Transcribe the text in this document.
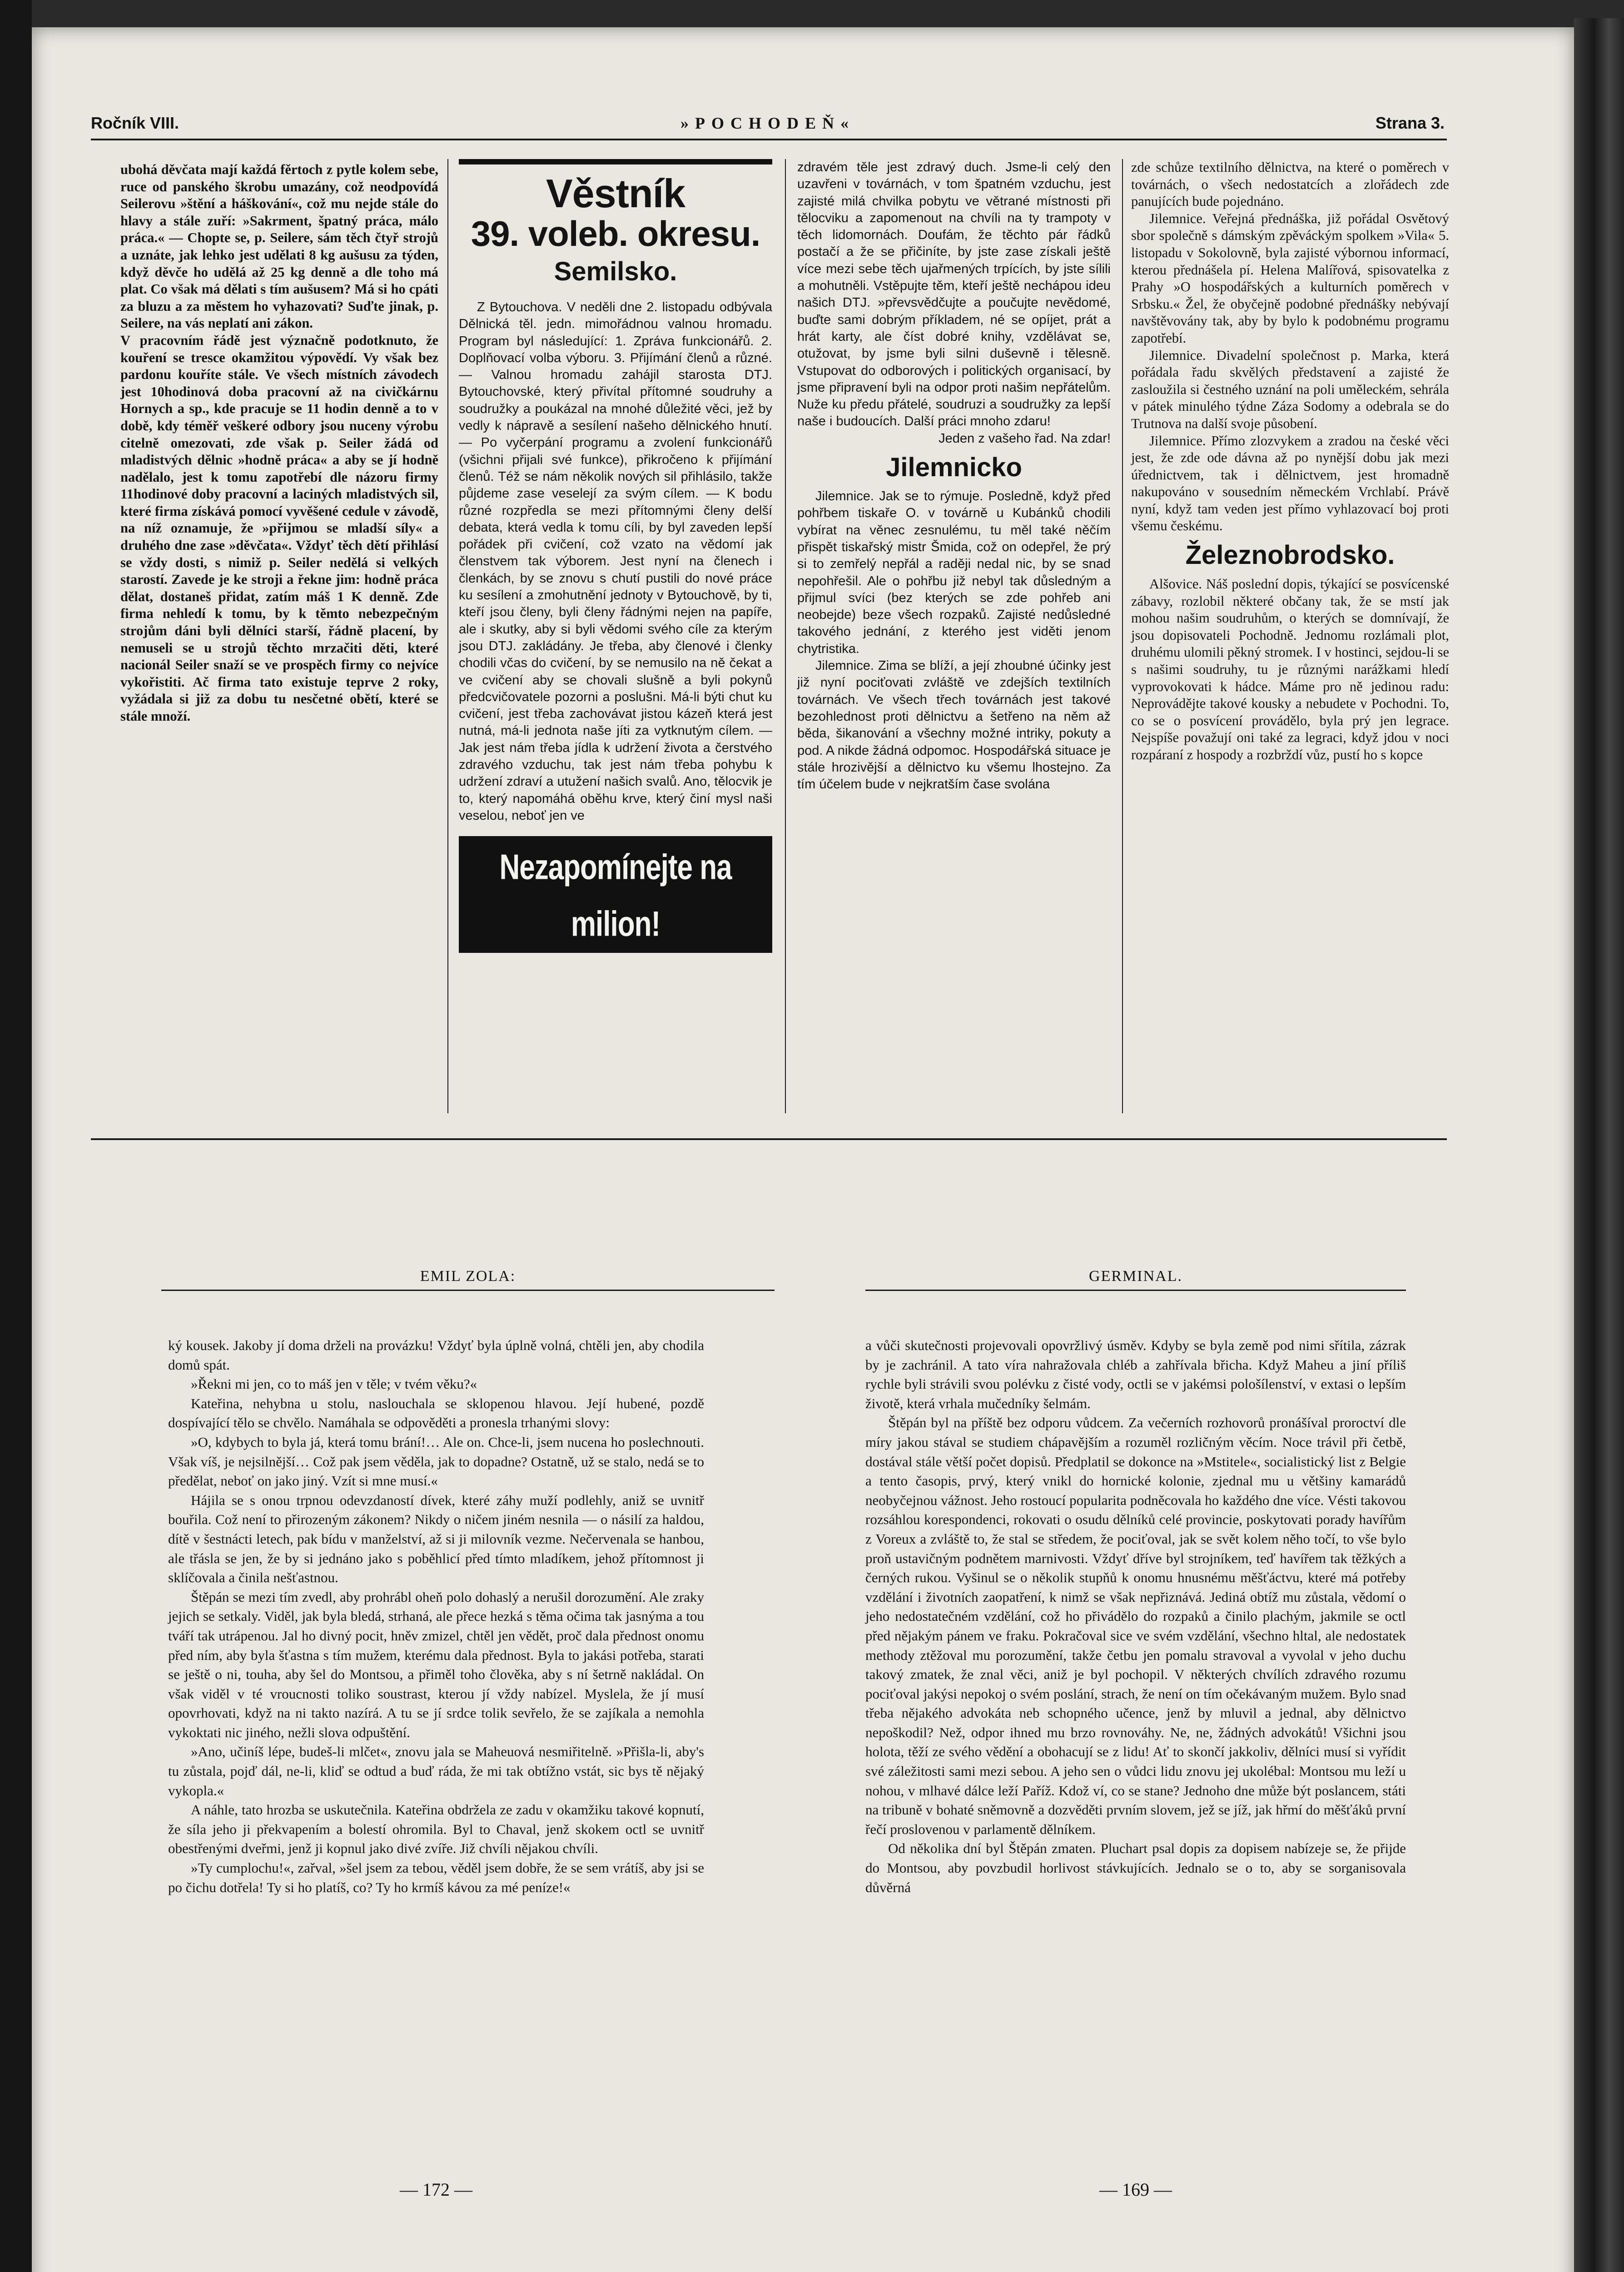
Ročník VIII.	»POCHODEŇ«	Strana 3.

ubohá děvčata mají každá fěrtoch z pytle kolem sebe, ruce od panského škrobu umazány, což neodpovídá Seilerovu »štění a háškování«, což mu nejde stále do hlavy a stále zuří: »Sakrment, špatný práca, málo práca.« — Chopte se, p. Seilere, sám těch čtyř strojů a uznáte, jak lehko jest udělati 8 kg aušusu za týden, když děvče ho udělá až 25 kg denně a dle toho má plat. Co však má dělati s tím aušusem? Má si ho cpáti za bluzu a za městem ho vyhazovati? Suďte jinak, p. Seilere, na vás neplatí ani zákon.

V pracovním řádě jest význačně podotknuto, že kouření se tresce okamžitou výpovědí. Vy však bez pardonu kouříte stále. Ve všech místních závodech jest 10hodinová doba pracovní až na civičkárnu Hornych a sp., kde pracuje se 11 hodin denně a to v době, kdy téměř veškeré odbory jsou nuceny výrobu citelně omezovati, zde však p. Seiler žádá od mladistvých dělnic »hodně práca« a aby se jí hodně nadělalo, jest k tomu zapotřebí dle názoru firmy 11hodinové doby pracovní a laciných mladistvých sil, které firma získává pomocí vyvěšené cedule v závodě, na níž oznamuje, že »přijmou se mladší síly« a druhého dne zase »děvčata«. Vždyť těch dětí přihlásí se vždy dosti, s nimiž p. Seiler nedělá si velkých starostí. Zavede je ke stroji a řekne jim: hodně práca dělat, dostaneš přidat, zatím máš 1 K denně. Zde firma nehledí k tomu, by k těmto nebezpečným strojům dáni byli dělníci starší, řádně placení, by nemuseli se u strojů těchto mrzačiti děti, které nacionál Seiler snaží se ve prospěch firmy co nejvíce vykořistiti. Ač firma tato existuje teprve 2 roky, vyžádala si již za dobu tu nesčetné obětí, které se stále množí.

Věstník
39. voleb. okresu.
Semilsko.

Z Bytouchova. V neděli dne 2. listopadu odbývala Dělnická těl. jedn. mimořádnou valnou hromadu. Program byl následující: 1. Zpráva funkcionářů. 2. Doplňovací volba výboru. 3. Přijímání členů a různé. — Valnou hromadu zahájil starosta DTJ. Bytouchovské, který přivítal přítomné soudruhy a soudružky a poukázal na mnohé důležité věci, jež by vedly k nápravě a sesílení našeho dělnického hnutí. — Po vyčerpání programu a zvolení funkcionářů (všichni přijali své funkce), přikročeno k přijímání členů. Též se nám několik nových sil přihlásilo, takže půjdeme zase veselejí za svým cílem. — K bodu různé rozpředla se mezi přítomnými členy delší debata, která vedla k tomu cíli, by byl zaveden lepší pořádek při cvičení, což vzato na vědomí jak členstvem tak výborem. Jest nyní na členech i členkách, by se znovu s chutí pustili do nové práce ku sesílení a zmohutnění jednoty v Bytouchově, by ti, kteří jsou členy, byli členy řádnými nejen na papíře, ale i skutky, aby si byli vědomi svého cíle za kterým jsou DTJ. zakládány. Je třeba, aby členové i členky chodili včas do cvičení, by se nemusilo na ně čekat a ve cvičení aby se chovali slušně a byli pokynů předcvičovatele pozorni a poslušni. Má-li býti chut ku cvičení, jest třeba zachovávat jistou kázeň která jest nutná, má-li jednota naše jíti za vytknutým cílem. — Jak jest nám třeba jídla k udržení života a čerstvého zdravého vzduchu, tak jest nám třeba pohybu k udržení zdraví a utužení našich svalů. Ano, tělocvik je to, který napomáhá oběhu krve, který činí mysl naši veselou, neboť jen ve

Nezapomínejte na milion!

zdravém těle jest zdravý duch. Jsme-li celý den uzavřeni v továrnách, v tom špatném vzduchu, jest zajisté milá chvilka pobytu ve větrané místnosti při tělocviku a zapomenout na chvíli na ty trampoty v těch lidomornách. Doufám, že těchto pár řádků postačí a že se přičiníte, by jste zase získali ještě více mezi sebe těch ujařmených trpících, by jste sílili a mohutněli. Vstěpujte těm, kteří ještě nechápou ideu našich DTJ. »převsvědčujte a poučujte nevědomé, buďte sami dobrým příkladem, né se opíjet, prát a hrát karty, ale číst dobré knihy, vzdělávat se, otužovat, by jsme byli silni duševně i tělesně. Vstupovat do odborových i politických organisací, by jsme připravení byli na odpor proti našim nepřátelům. Nuže ku předu přátelé, soudruzi a soudružky za lepší naše i budoucích. Další práci mnoho zdaru!

Jeden z vašeho řad. Na zdar!

Jilemnicko

Jilemnice. Jak se to rýmuje. Posledně, když před pohřbem tiskaře O. v továrně u Kubánků chodili vybírat na věnec zesnulému, tu měl také něčím přispět tiskařský mistr Šmida, což on odepřel, že prý si to zemřelý nepřál a raději nedal nic, by se snad nepohřešil. Ale o pohřbu již nebyl tak důsledným a přijmul svíci (bez kterých se zde pohřeb ani neobejde) beze všech rozpaků. Zajisté nedůsledné takového jednání, z kterého jest viděti jenom chytristika.

Jilemnice. Zima se blíží, a její zhoubné účinky jest již nyní pociťovati zvláště ve zdejších textilních továrnách. Ve všech třech továrnách jest takové bezohlednost proti dělnictvu a šetřeno na něm až běda, šikanování a všechny možné intriky, pokuty a pod. A nikde žádná odpomoc. Hospodářská situace je stále hrozivější a dělnictvo ku všemu lhostejno. Za tím účelem bude v nejkratším čase svolána

zde schůze textilního dělnictva, na které o poměrech v továrnách, o všech nedostatcích a zlořádech zde panujících bude pojednáno.

Jilemnice. Veřejná přednáška, již pořádal Osvětový sbor společně s dámským zpěváckým spolkem »Vila« 5. listopadu v Sokolovně, byla zajisté výbornou informací, kterou přednášela pí. Helena Malířová, spisovatelka z Prahy »O hospodářských a kulturních poměrech v Srbsku.« Žel, že obyčejně podobné přednášky nebývají navštěvovány tak, aby by bylo k podobnému programu zapotřebí.

Jilemnice. Divadelní společnost p. Marka, která pořádala řadu skvělých představení a zajisté že zasloužila si čestného uznání na poli uměleckém, sehrála v pátek minulého týdne Záza Sodomy a odebrala se do Trutnova na další svoje působení.

Jilemnice. Přímo zlozvykem a zradou na české věci jest, že zde ode dávna až po nynější dobu jak mezi úřednictvem, tak i dělnictvem, jest hromadně nakupováno v sousedním německém Vrchlabí. Právě nyní, když tam veden jest přímo vyhlazovací boj proti všemu českému.

Železnobrodsko.

Alšovice. Náš poslední dopis, týkající se posvícenské zábavy, rozlobil některé občany tak, že se mstí jak mohou našim soudruhům, o kterých se domnívají, že jsou dopisovateli Pochodně. Jednomu rozlámali plot, druhému ulomili pěkný stromek. I v hostinci, sejdou-li se s našimi soudruhy, tu je různými narážkami hledí vyprovokovati k hádce. Máme pro ně jedinou radu: Neprovádějte takové kousky a nebudete v Pochodni. To, co se o posvícení provádělo, byla prý jen legrace. Nejspíše považují oni také za legraci, když jdou v noci rozpáraní z hospody a rozbrždí vůz, pustí ho s kopce

EMIL ZOLA:	GERMINAL.

ký kousek. Jakoby jí doma drželi na provázku! Vždyť byla úplně volná, chtěli jen, aby chodila domů spát.

»Řekni mi jen, co to máš jen v těle; v tvém věku?«

Kateřina, nehybna u stolu, naslouchala se sklopenou hlavou. Její hubené, pozdě dospívající tělo se chvělo. Namáhala se odpověděti a pronesla trhanými slovy:

»O, kdybych to byla já, která tomu brání!… Ale on. Chce-li, jsem nucena ho poslechnouti. Však víš, je nejsilnější… Což pak jsem věděla, jak to dopadne? Ostatně, už se stalo, nedá se to předělat, neboť on jako jiný. Vzít si mne musí.«

Hájila se s onou trpnou odevzdaností dívek, které záhy muží podlehly, aniž se uvnitř bouřila. Což není to přirozeným zákonem? Nikdy o ničem jiném nesnila — o násilí za haldou, dítě v šestnácti letech, pak bídu v manželství, až si ji milovník vezme. Nečervenala se hanbou, ale třásla se jen, že by si jednáno jako s poběhlicí před tímto mladíkem, jehož přítomnost ji sklíčovala a činila nešťastnou.

Štěpán se mezi tím zvedl, aby prohrábl oheň polo dohaslý a nerušil dorozumění. Ale zraky jejich se setkaly. Viděl, jak byla bledá, strhaná, ale přece hezká s těma očima tak jasnýma a tou tváří tak utrápenou. Jal ho divný pocit, hněv zmizel, chtěl jen vědět, proč dala přednost onomu před ním, aby byla šťastna s tím mužem, kterému dala přednost. Byla to jakási potřeba, starati se ještě o ni, touha, aby šel do Montsou, a přiměl toho člověka, aby s ní šetrně nakládal. On však viděl v té vroucnosti toliko soustrast, kterou jí vždy nabízel. Myslela, že jí musí opovrhovati, když na ni takto nazírá. A tu se jí srdce tolik sevřelo, že se zajíkala a nemohla vykoktati nic jiného, nežli slova odpuštění.

»Ano, učiníš lépe, budeš-li mlčet«, znovu jala se Maheuová nesmiřitelně. »Přišla-li, aby's tu zůstala, pojď dál, ne-li, kliď se odtud a buď ráda, že mi tak obtížno vstát, sic bys tě nějaký vykopla.«

A náhle, tato hrozba se uskutečnila. Kateřina obdržela ze zadu v okamžiku takové kopnutí, že síla jeho ji překvapením a bolestí ohromila. Byl to Chaval, jenž skokem octl se uvnitř obestřenými dveřmi, jenž ji kopnul jako divé zvíře. Již chvíli nějakou chvíli.

»Ty cumplochu!«, zařval, »šel jsem za tebou, věděl jsem dobře, že se sem vrátíš, aby jsi se po čichu dotřela! Ty si ho platíš, co? Ty ho krmíš kávou za mé peníze!«

a vůči skutečnosti projevovali opovržlivý úsměv. Kdyby se byla země pod nimi sřítila, zázrak by je zachránil. A tato víra nahražovala chléb a zahřívala břicha. Když Maheu a jiní příliš rychle byli strávili svou polévku z čisté vody, octli se v jakémsi pološílenství, v extasi o lepším životě, která vrhala mučedníky šelmám.

Štěpán byl na příště bez odporu vůdcem. Za večerních rozhovorů pronášíval proroctví dle míry jakou stával se studiem chápavějším a rozuměl rozličným věcím. Noce trávil při četbě, dostával stále větší počet dopisů. Předplatil se dokonce na »Mstitele«, socialistický list z Belgie a tento časopis, prvý, který vnikl do hornické kolonie, zjednal mu u většiny kamarádů neobyčejnou vážnost. Jeho rostoucí popularita podněcovala ho každého dne více. Vésti takovou rozsáhlou korespondenci, rokovati o osudu dělníků celé provincie, poskytovati porady havířům z Voreux a zvláště to, že stal se středem, že pociťoval, jak se svět kolem něho točí, to vše bylo proň ustavičným podnětem marnivosti. Vždyť dříve byl strojníkem, teď havířem tak těžkých a černých rukou. Vyšinul se o několik stupňů k onomu hnusnému měšťáctvu, které má potřeby vzdělání i životních zaopatření, k nimž se však nepřiznává. Jediná obtíž mu zůstala, vědomí o jeho nedostatečném vzdělání, což ho přivádělo do rozpaků a činilo plachým, jakmile se octl před nějakým pánem ve fraku. Pokračoval sice ve svém vzdělání, všechno hltal, ale nedostatek methody ztěžoval mu porozumění, takže četbu jen pomalu stravoval a vyvolal v jeho duchu takový zmatek, že znal věci, aniž je byl pochopil. V některých chvílích zdravého rozumu pociťoval jakýsi nepokoj o svém poslání, strach, že není on tím očekávaným mužem. Bylo snad třeba nějakého advokáta neb schopného učence, jenž by mluvil a jednal, aby dělnictvo nepoškodil? Než, odpor ihned mu brzo rovnováhy. Ne, ne, žádných advokátů! Všichni jsou holota, těží ze svého vědění a obohacují se z lidu! Ať to skončí jakkoliv, dělníci musí si vyřídit své záležitosti sami mezi sebou. A jeho sen o vůdci lidu znovu jej ukolébal: Montsou mu leží u nohou, v mlhavé dálce leží Paříž. Kdož ví, co se stane? Jednoho dne může být poslancem, státi na tribuně v bohaté sněmovně a dozvěděti prvním slovem, jež se jíž, jak hřmí do měšťáků první řečí proslovenou v parlamentě dělníkem.

Od několika dní byl Štěpán zmaten. Pluchart psal dopis za dopisem nabízeje se, že přijde do Montsou, aby povzbudil horlivost stávkujících. Jednalo se o to, aby se sorganisovala důvěrná

— 172 —	— 169 —
